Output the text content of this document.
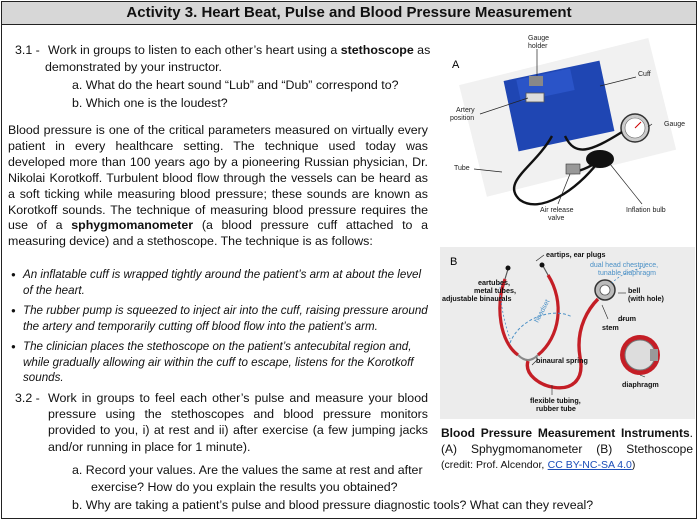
Activity 3. Heart Beat, Pulse and Blood Pressure Measurement
3.1 - Work in groups to listen to each other’s heart using a stethoscope as
demonstrated by your instructor.
a. What do the heart sound “Lub” and “Dub” correspond to?
b. Which one is the loudest?
Blood pressure is one of the critical parameters measured on virtually every patient in every healthcare setting. The technique used today was developed more than 100 years ago by a pioneering Russian physician, Dr. Nikolai Korotkoff. Turbulent blood flow through the vessels can be heard as a soft ticking while measuring blood pressure; these sounds are known as Korotkoff sounds. The technique of measuring blood pressure requires the use of a sphygmomanometer (a blood pressure cuff attached to a measuring device) and a stethoscope. The technique is as follows:
● An inflatable cuff is wrapped tightly around the patient’s arm at about the level of the heart.
● The rubber pump is squeezed to inject air into the cuff, raising pressure around the artery and temporarily cutting off blood flow into the patient’s arm.
● The clinician places the stethoscope on the patient’s antecubital region and, while gradually allowing air within the cuff to escape, listens for the Korotkoff sounds.
3.2 - Work in groups to feel each other’s pulse and measure your blood pressure using the stethoscopes and blood pressure monitors provided to you, i) at rest and ii) after exercise (a few jumping jacks and/or running in place for 1 minute).
a. Record your values. Are the values the same at rest and after
exercise? How do you explain the results you obtained?
b. Why are taking a patient’s pulse and blood pressure diagnostic tools? What can they reveal?
A
Gauge
holder
Cuff
Artery
position
Gauge
Tube
Air release
valve
Inflation bulb
B
eartips, ear plugs
eartubes,
metal tubes,
adjustable binaurals
bell
(with hole)
stem
drum
binaural spring
diaphragm
flexible tubing,
rubber tube
dual head chestpiece,
tunable diaphragm
headset
Blood Pressure Measurement Instruments. (A) Sphygmomanometer (B) Stethoscope (credit: Prof. Alcendor, CC BY-NC-SA 4.0)
